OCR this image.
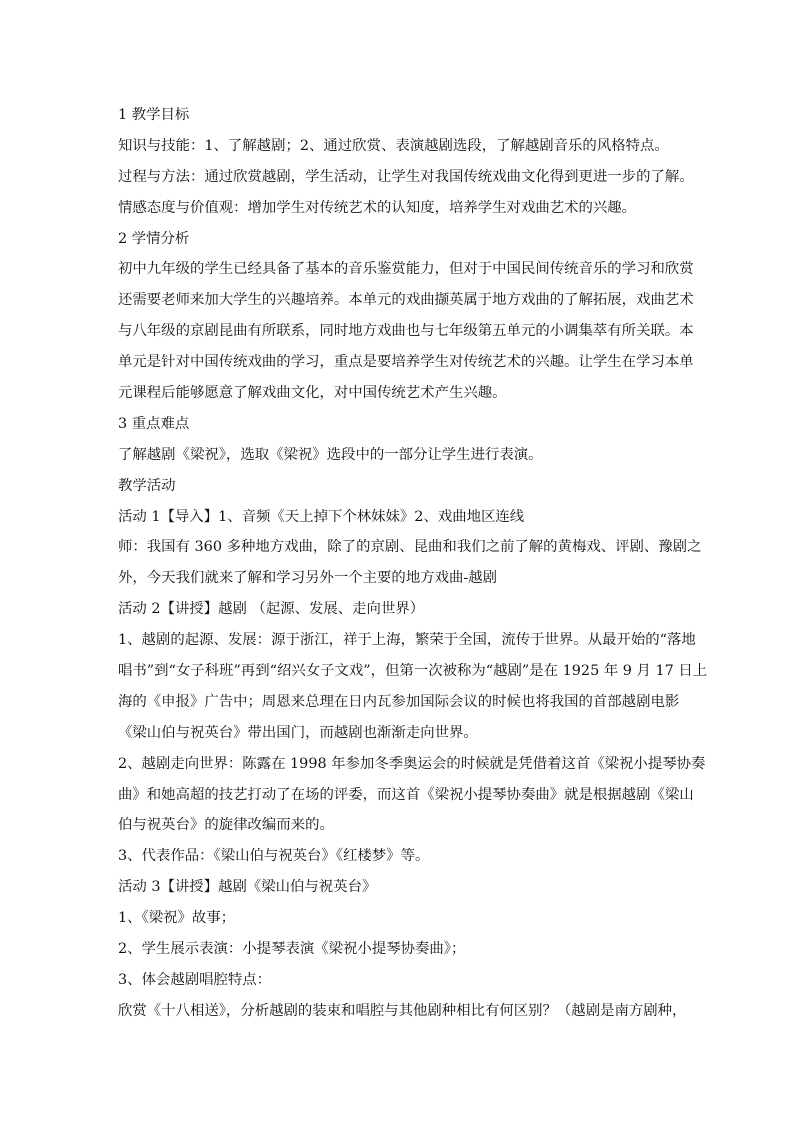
1 教学目标
知识与技能：1、了解越剧；2、通过欣赏、表演越剧选段，了解越剧音乐的风格特点。
过程与方法：通过欣赏越剧，学生活动，让学生对我国传统戏曲文化得到更进一步的了解。
情感态度与价值观：增加学生对传统艺术的认知度，培养学生对戏曲艺术的兴趣。
2 学情分析
初中九年级的学生已经具备了基本的音乐鉴赏能力，但对于中国民间传统音乐的学习和欣赏
还需要老师来加大学生的兴趣培养。本单元的戏曲撷英属于地方戏曲的了解拓展，戏曲艺术
与八年级的京剧昆曲有所联系，同时地方戏曲也与七年级第五单元的小调集萃有所关联。本
单元是针对中国传统戏曲的学习，重点是要培养学生对传统艺术的兴趣。让学生在学习本单
元课程后能够愿意了解戏曲文化，对中国传统艺术产生兴趣。
3 重点难点
了解越剧《梁祝》，选取《梁祝》选段中的一部分让学生进行表演。
教学活动
活动 1【导入】1、音频《天上掉下个林妹妹》2、戏曲地区连线
师：我国有 360 多种地方戏曲，除了的京剧、昆曲和我们之前了解的黄梅戏、评剧、豫剧之
外，今天我们就来了解和学习另外一个主要的地方戏曲-越剧
活动 2【讲授】越剧 （起源、发展、走向世界）
1、越剧的起源、发展：源于浙江，祥于上海，繁荣于全国，流传于世界。从最开始的“落地
唱书”到“女子科班”再到“绍兴女子文戏”，但第一次被称为“越剧”是在 1925 年 9 月 17 日上
海的《申报》广告中；周恩来总理在日内瓦参加国际会议的时候也将我国的首部越剧电影
《梁山伯与祝英台》带出国门，而越剧也渐渐走向世界。
2、越剧走向世界：陈露在 1998 年参加冬季奥运会的时候就是凭借着这首《梁祝小提琴协奏
曲》和她高超的技艺打动了在场的评委，而这首《梁祝小提琴协奏曲》就是根据越剧《梁山
伯与祝英台》的旋律改编而来的。
3、代表作品：《梁山伯与祝英台》《红楼梦》等。
活动 3【讲授】越剧《梁山伯与祝英台》
1、《梁祝》故事；
2、学生展示表演：小提琴表演《梁祝小提琴协奏曲》；
3、体会越剧唱腔特点：
欣赏《十八相送》，分析越剧的装束和唱腔与其他剧种相比有何区别？（越剧是南方剧种，
